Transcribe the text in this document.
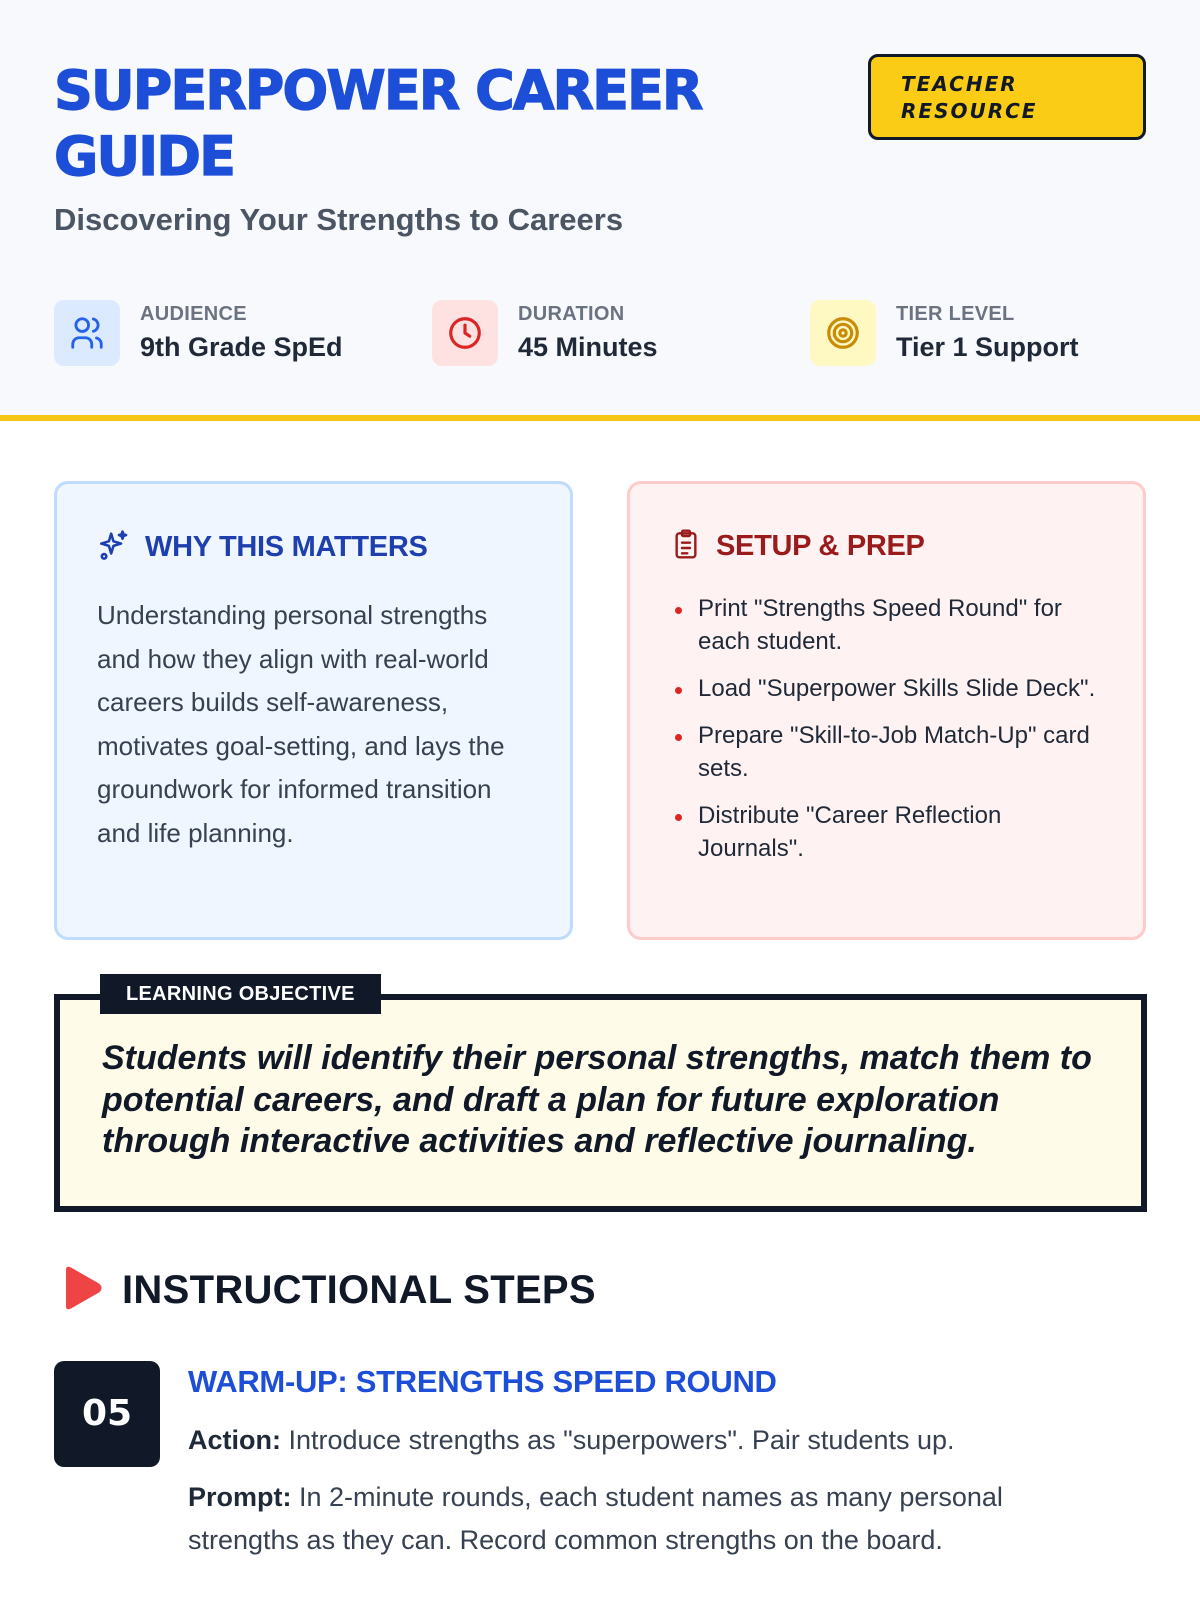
SUPERPOWER CAREER GUIDE
Discovering Your Strengths to Careers
TEACHER RESOURCE
AUDIENCE
9th Grade SpEd
DURATION
45 Minutes
TIER LEVEL
Tier 1 Support
WHY THIS MATTERS

Understanding personal strengths and how they align with real-world careers builds self-awareness, motivates goal-setting, and lays the groundwork for informed transition and life planning.

SETUP & PREP
Print "Strengths Speed Round" for each student.
Load "Superpower Skills Slide Deck".
Prepare "Skill-to-Job Match-Up" card sets.
Distribute "Career Reflection Journals".

Students will identify their personal strengths, match them to potential careers, and draft a plan for future exploration through interactive activities and reflective journaling.

LEARNING OBJECTIVE
INSTRUCTIONAL STEPS
05
WARM-UP: STRENGTHS SPEED ROUND

Action: Introduce strengths as "superpowers". Pair students up.

Prompt: In 2-minute rounds, each student names as many personal strengths as they can. Record common strengths on the board.
